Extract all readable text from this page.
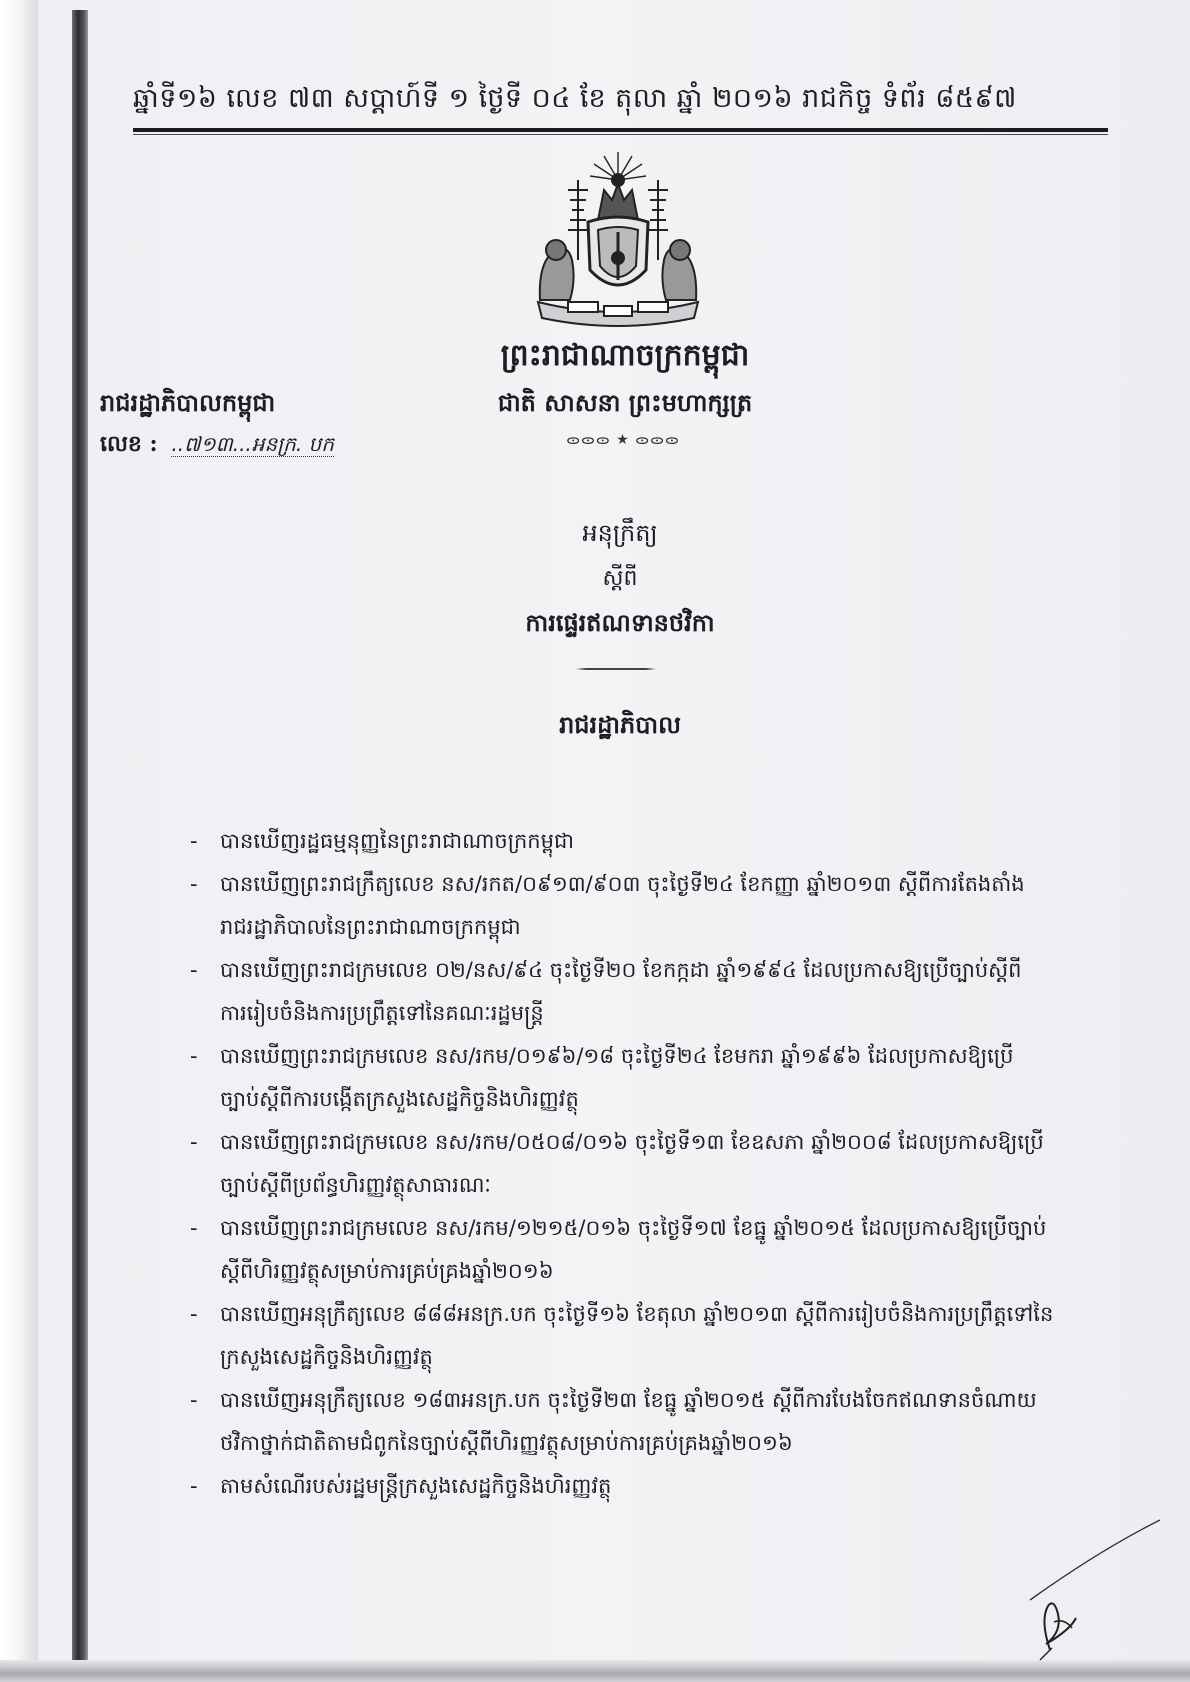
ឆ្នាំទី១៦ លេខ ៧៣ សប្តាហ៍ទី ១ ថ្ងៃទី ០៤ ខែ តុលា ឆ្នាំ ២០១៦ រាជកិច្ច ទំព័រ ៨៥៩៧
ព្រះរាជាណាចក្រកម្ពុជា
ជាតិ សាសនា ព្រះមហាក្សត្រ
ᯣᯣᯣ ★ ᯣᯣᯣ
រាជរដ្ឋាភិបាលកម្ពុជា
លេខ : ..៧១៣...អនក្រ. បក
អនុក្រឹត្យ
ស្តីពី
ការផ្ទេរឥណទានថវិកា
រាជរដ្ឋាភិបាល
- បានឃើញរដ្ឋធម្មនុញ្ញនៃព្រះរាជាណាចក្រកម្ពុជា
- បានឃើញព្រះរាជក្រឹត្យលេខ នស/រកត/០៩១៣/៩០៣ ចុះថ្ងៃទី២៤ ខែកញ្ញា ឆ្នាំ២០១៣ ស្តីពីការតែងតាំង
រាជរដ្ឋាភិបាលនៃព្រះរាជាណាចក្រកម្ពុជា
- បានឃើញព្រះរាជក្រមលេខ ០២/នស/៩៤ ចុះថ្ងៃទី២០ ខែកក្កដា ឆ្នាំ១៩៩៤ ដែលប្រកាសឱ្យប្រើច្បាប់ស្តីពី
ការរៀបចំនិងការប្រព្រឹត្តទៅនៃគណៈរដ្ឋមន្ត្រី
- បានឃើញព្រះរាជក្រមលេខ នស/រកម/០១៩៦/១៨ ចុះថ្ងៃទី២៤ ខែមករា ឆ្នាំ១៩៩៦ ដែលប្រកាសឱ្យប្រើ
ច្បាប់ស្តីពីការបង្កើតក្រសួងសេដ្ឋកិច្ចនិងហិរញ្ញវត្ថុ
- បានឃើញព្រះរាជក្រមលេខ នស/រកម/០៥០៨/០១៦ ចុះថ្ងៃទី១៣ ខែឧសភា ឆ្នាំ២០០៨ ដែលប្រកាសឱ្យប្រើ
ច្បាប់ស្តីពីប្រព័ន្ធហិរញ្ញវត្ថុសាធារណៈ
- បានឃើញព្រះរាជក្រមលេខ នស/រកម/១២១៥/០១៦ ចុះថ្ងៃទី១៧ ខែធ្នូ ឆ្នាំ២០១៥ ដែលប្រកាសឱ្យប្រើច្បាប់
ស្តីពីហិរញ្ញវត្ថុសម្រាប់ការគ្រប់គ្រងឆ្នាំ២០១៦
- បានឃើញអនុក្រឹត្យលេខ ៨៨៨អនក្រ.បក ចុះថ្ងៃទី១៦ ខែតុលា ឆ្នាំ២០១៣ ស្តីពីការរៀបចំនិងការប្រព្រឹត្តទៅនៃ
ក្រសួងសេដ្ឋកិច្ចនិងហិរញ្ញវត្ថុ
- បានឃើញអនុក្រឹត្យលេខ ១៨៣អនក្រ.បក ចុះថ្ងៃទី២៣ ខែធ្នូ ឆ្នាំ២០១៥ ស្តីពីការបែងចែកឥណទានចំណាយ
ថវិកាថ្នាក់ជាតិតាមជំពូកនៃច្បាប់ស្តីពីហិរញ្ញវត្ថុសម្រាប់ការគ្រប់គ្រងឆ្នាំ២០១៦
- តាមសំណើរបស់រដ្ឋមន្ត្រីក្រសួងសេដ្ឋកិច្ចនិងហិរញ្ញវត្ថុ
